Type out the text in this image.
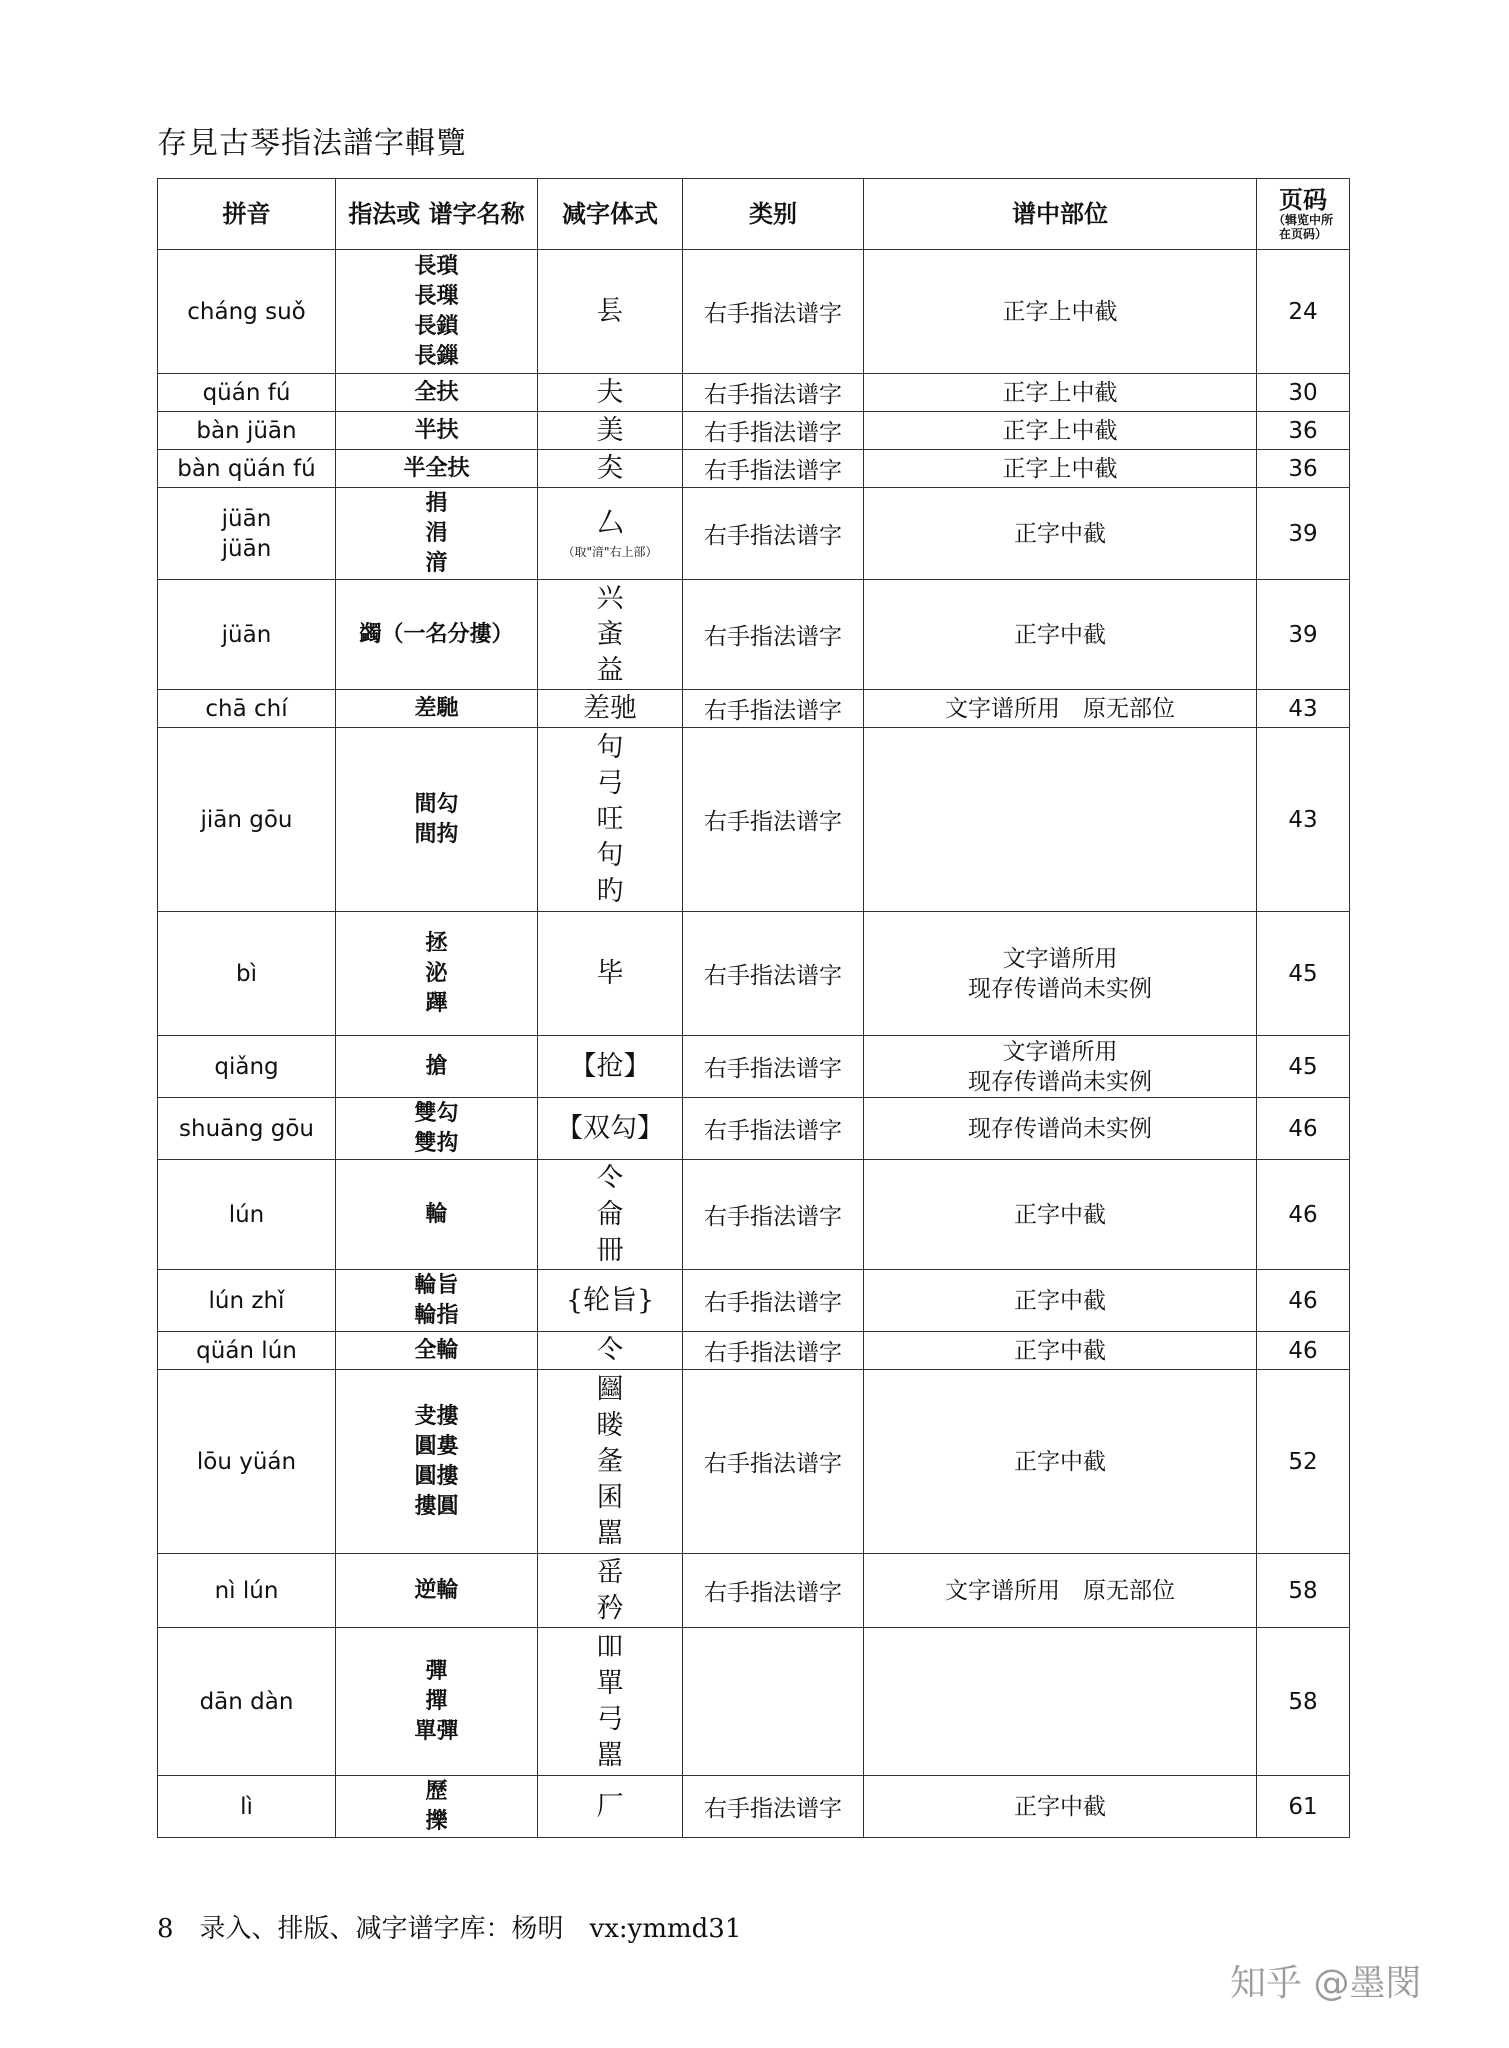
存見古琴指法譜字輯覽
拼音	指法或 谱字名称	减字体式	类别	谱中部位	页码
（辑览中所
在页码）

cháng suǒ	長瑣
長璅
長鎖
長鏁	镸	右手指法谱字	正字上中截	24

qüán fú	全扶	夫	右手指法谱字	正字上中截	30

bàn jüān	半扶	美	右手指法谱字	正字上中截	36

bàn qüán fú	半全扶	㚐	右手指法谱字	正字上中截	36

jüān
jüān	捐
涓
湇	厶
（取"湇"右上部）	右手指法谱字	正字中截	39

jüān	蠲（一名分摟）	兴
蚉
益	右手指法谱字	正字中截	39

chā chí	差馳	差驰	右手指法谱字	文字谱所用　原无部位	43

jiān gōu	間勾
間抅	句
弓
㕵
句
旳	右手指法谱字		43

bì	拯
泌
蹕	毕	右手指法谱字	文字谱所用
现存传谱尚未实例	45

qiǎng	搶	【抢】	右手指法谱字	文字谱所用
现存传谱尚未实例	45

shuāng gōu	雙勾
雙抅	【双勾】	右手指法谱字	现存传谱尚未实例	46

lún	輪	仒
侖
冊	右手指法谱字	正字中截	46

lún zhǐ	輪旨
輪指	{轮旨}	右手指法谱字	正字中截	46

qüán lún	全輪	仒	右手指法谱字	正字中截	46

lōu yüán	叏摟
圓婁
圓摟
摟圓	圝
䁖
㚅
囷
嚚	右手指法谱字	正字中截	52

nì lún	逆輪	䍃
矜	右手指法谱字	文字谱所用　原无部位	58

dān dàn	彈
撣
單彈	吅
單
弓
嚚			58

lì	歷
擽	厂	右手指法谱字	正字中截	61
8　录入、排版、减字谱字库：杨明　vx:ymmd31
知乎 @墨閔
